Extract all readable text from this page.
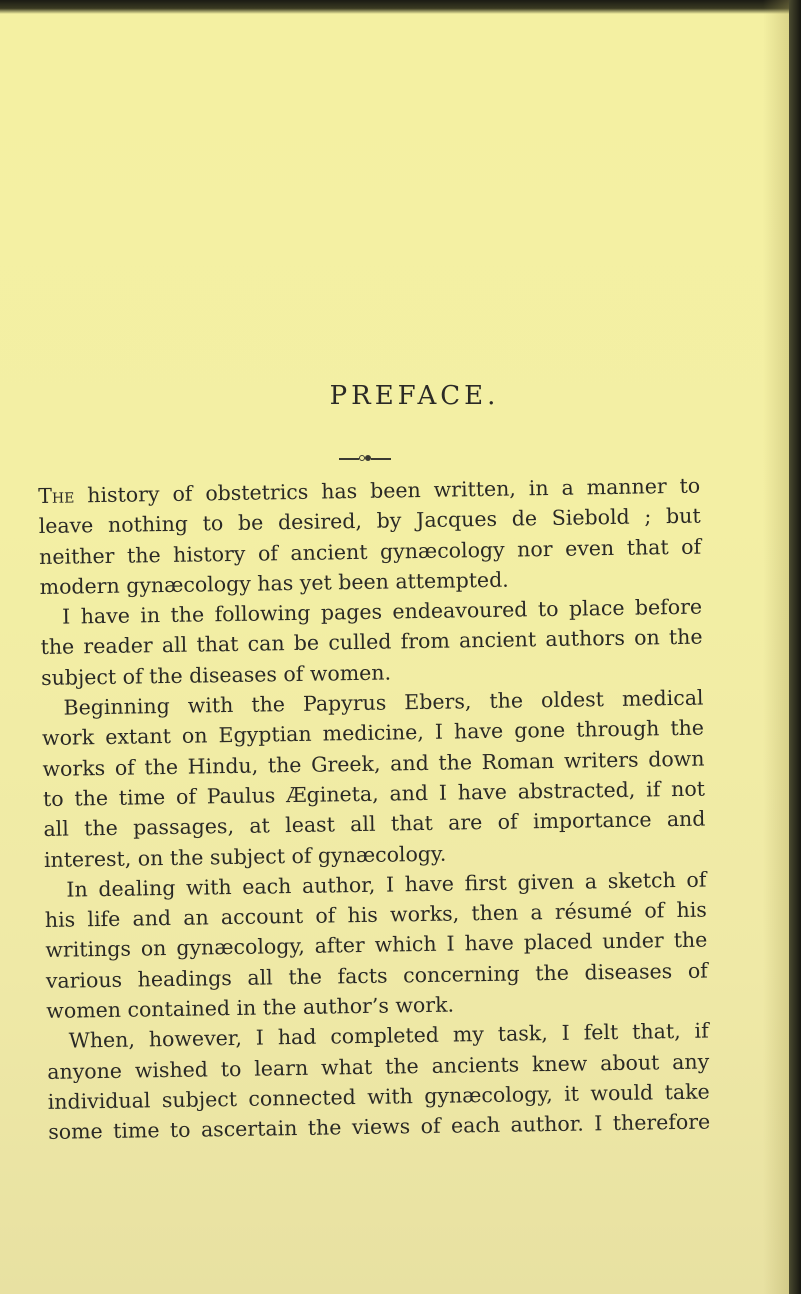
PREFACE.
The history of obstetrics has been written, in a manner to
leave nothing to be desired, by Jacques de Siebold ; but
neither the history of ancient gynæcology nor even that of
modern gynæcology has yet been attempted.
I have in the following pages endeavoured to place before
the reader all that can be culled from ancient authors on the
subject of the diseases of women.
Beginning with the Papyrus Ebers, the oldest medical
work extant on Egyptian medicine, I have gone through the
works of the Hindu, the Greek, and the Roman writers down
to the time of Paulus Ægineta, and I have abstracted, if not
all the passages, at least all that are of importance and
interest, on the subject of gynæcology.
In dealing with each author, I have first given a sketch of
his life and an account of his works, then a résumé of his
writings on gynæcology, after which I have placed under the
various headings all the facts concerning the diseases of
women contained in the author’s work.
When, however, I had completed my task, I felt that, if
anyone wished to learn what the ancients knew about any
individual subject connected with gynæcology, it would take
some time to ascertain the views of each author. I therefore
